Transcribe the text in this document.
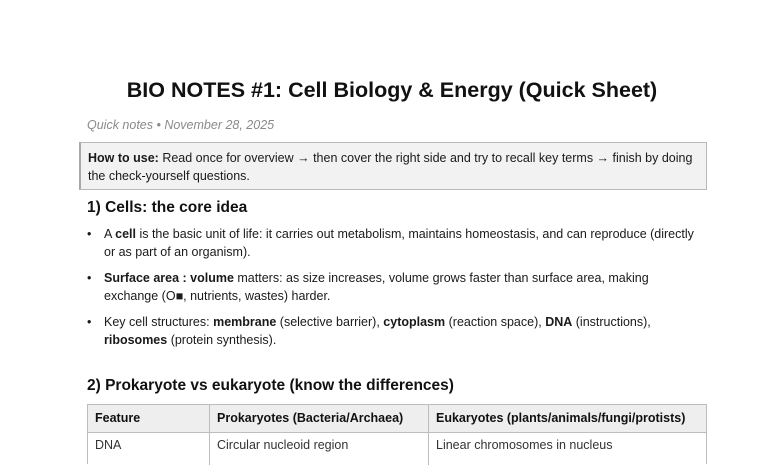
BIO NOTES #1: Cell Biology & Energy (Quick Sheet)
Quick notes • November 28, 2025
How to use: Read once for overview → then cover the right side and try to recall key terms → finish by doing the check-yourself questions.
1) Cells: the core idea
•	A cell is the basic unit of life: it carries out metabolism, maintains homeostasis, and can reproduce (directly or as part of an organism).
•	Surface area : volume matters: as size increases, volume grows faster than surface area, making exchange (O■, nutrients, wastes) harder.
•	Key cell structures: membrane (selective barrier), cytoplasm (reaction space), DNA (instructions), ribosomes (protein synthesis).
2) Prokaryote vs eukaryote (know the differences)
Feature	Prokaryotes (Bacteria/Archaea)	Eukaryotes (plants/animals/fungi/protists)
DNA	Circular nucleoid region	Linear chromosomes in nucleus
